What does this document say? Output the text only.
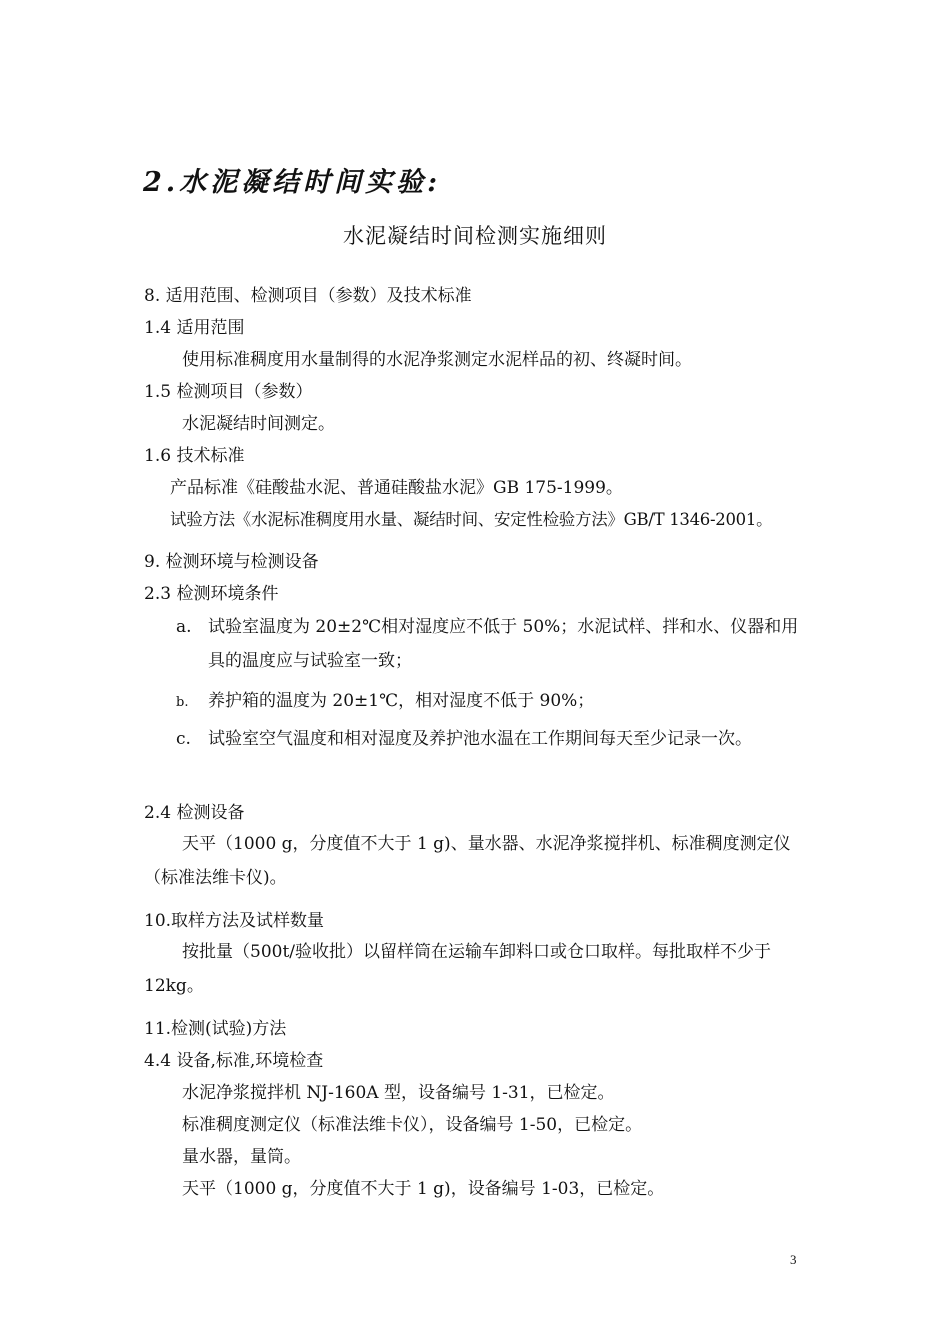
2.水泥凝结时间实验:
水泥凝结时间检测实施细则
8. 适用范围、检测项目（参数）及技术标准
1.4 适用范围
使用标准稠度用水量制得的水泥净浆测定水泥样品的初、终凝时间。
1.5 检测项目（参数）
水泥凝结时间测定。
1.6 技术标准
产品标准《硅酸盐水泥、普通硅酸盐水泥》GB 175-1999。
试验方法《水泥标准稠度用水量、凝结时间、安定性检验方法》GB/T 1346-2001。
9. 检测环境与检测设备
2.3 检测环境条件
a. 试验室温度为 20±2℃相对湿度应不低于 50%；水泥试样、拌和水、仪器和用具的温度应与试验室一致；
b.	养护箱的温度为 20±1℃，相对湿度不低于 90%；
c.	试验室空气温度和相对湿度及养护池水温在工作期间每天至少记录一次。
2.4 检测设备
天平（1000 g，分度值不大于 1 g)、量水器、水泥净浆搅拌机、标准稠度测定仪（标准法维卡仪)。
10.取样方法及试样数量
按批量（500t/验收批）以留样筒在运输车卸料口或仓口取样。每批取样不少于 12kg。
11.检测(试验)方法
4.4 设备,标准,环境检查
水泥净浆搅拌机 NJ-160A 型，设备编号 1-31，已检定。
标准稠度测定仪（标准法维卡仪），设备编号 1-50，已检定。
量水器，量筒。
天平（1000 g，分度值不大于 1 g)，设备编号 1-03，已检定。
3
